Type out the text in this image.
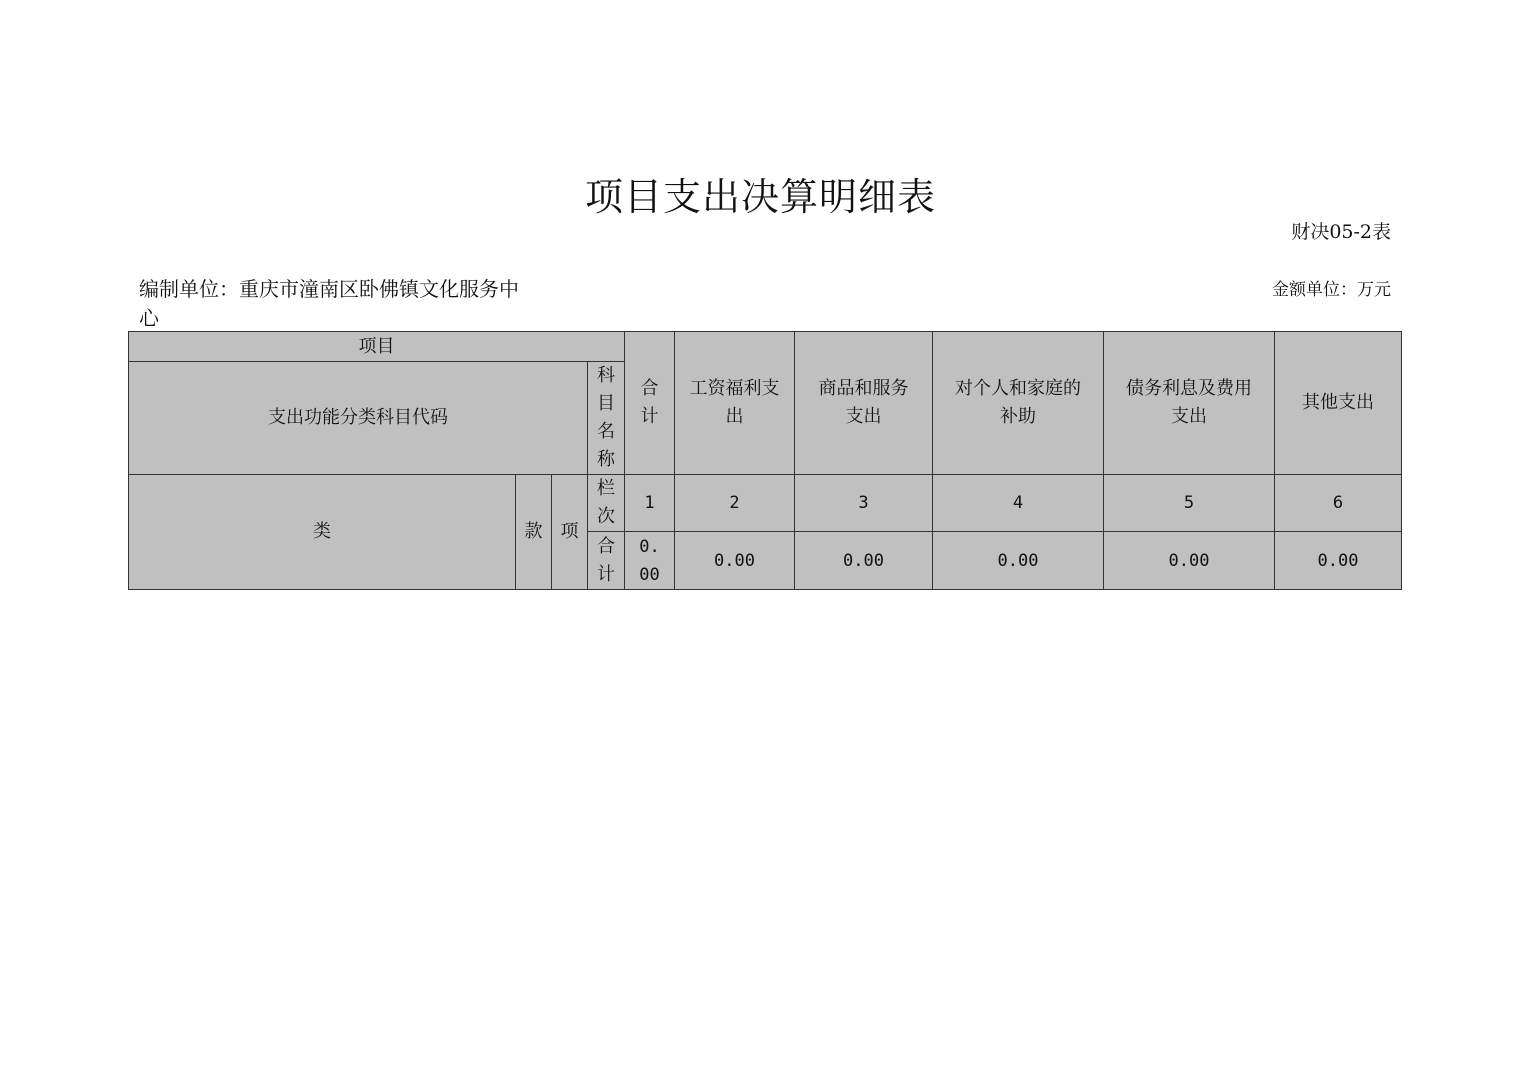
项目支出决算明细表
财决05-2表
编制单位：重庆市潼南区卧佛镇文化服务中心
金额单位：万元
项目				合计	工资福利支出	商品和服务支出	对个人和家庭的补助	债务利息及费用支出	其他支出
支出功能分类科目代码			科目名称						

类	款	项	栏次	1	2	3	4	5	6

			合计	0.00	0.00	0.00	0.00	0.00	0.00
